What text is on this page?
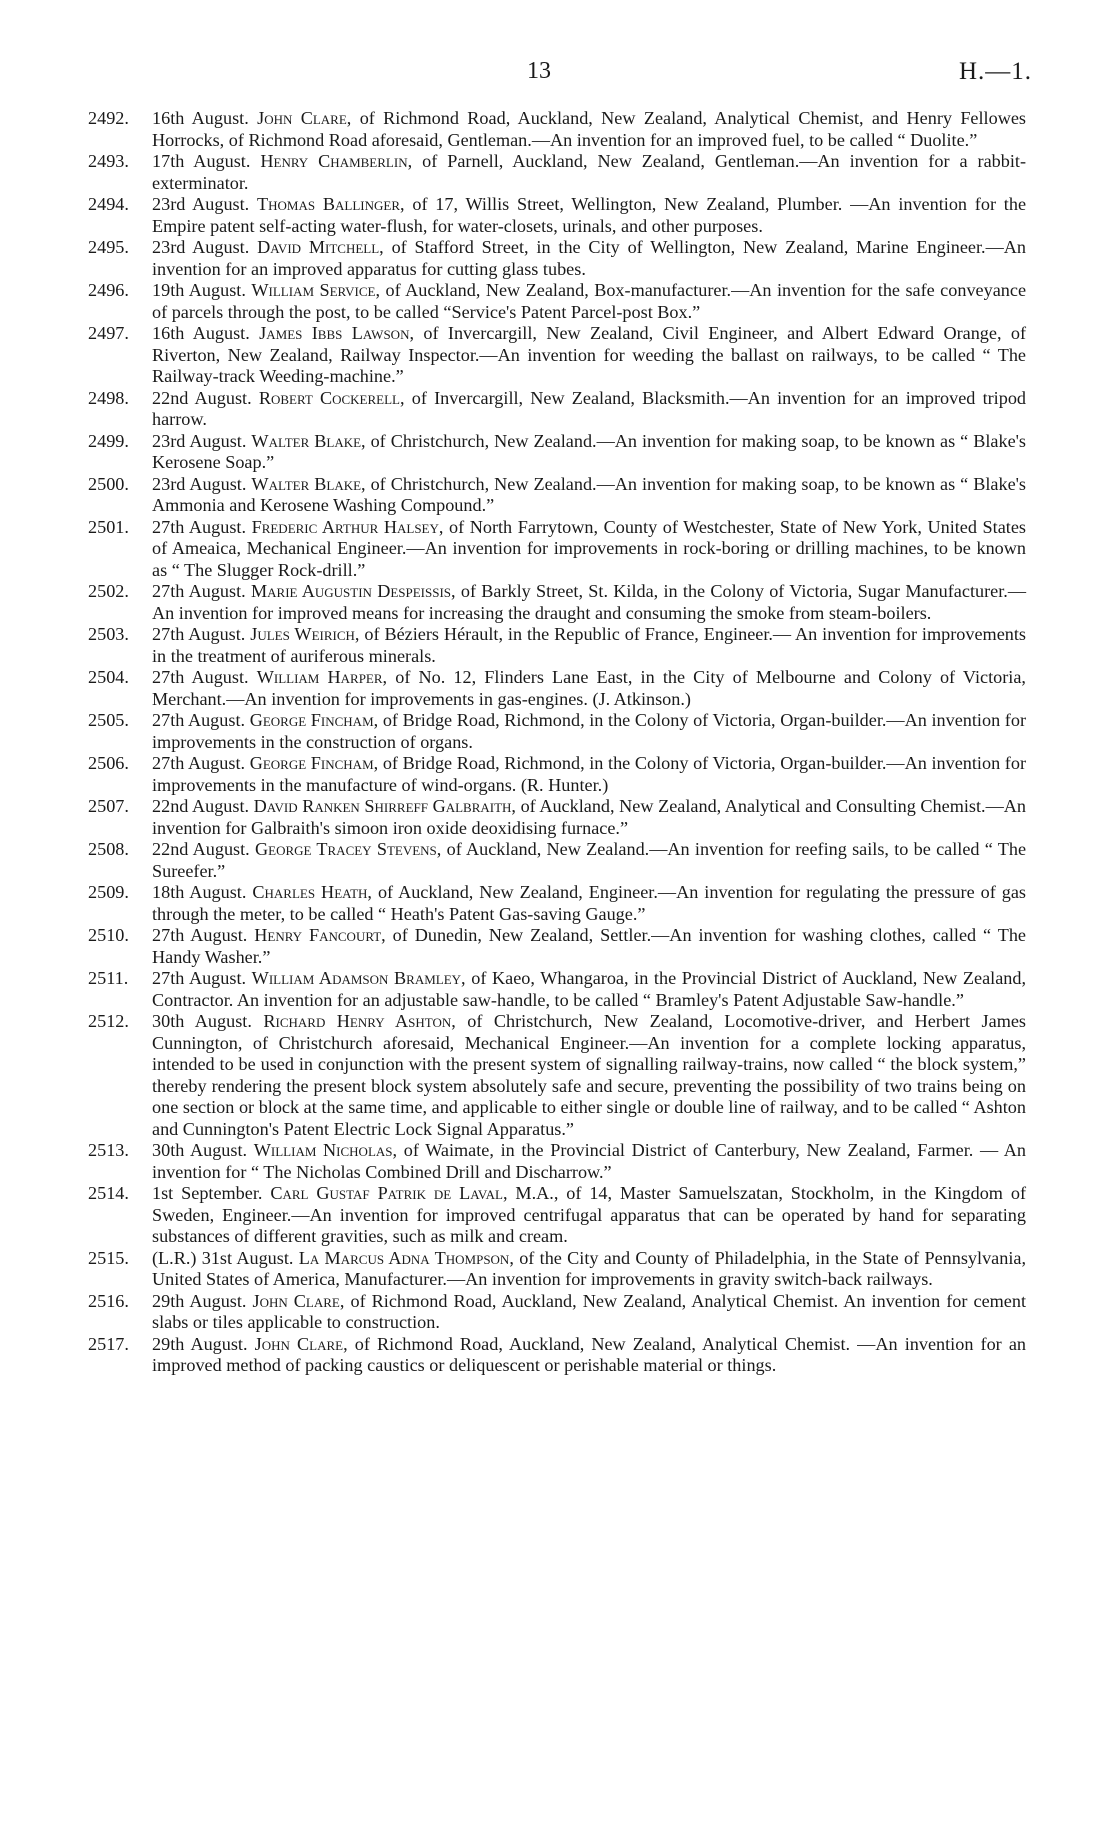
13	H.—1.
2492. 16th August. John Clare, of Richmond Road, Auckland, New Zealand, Analytical Chemist, and Henry Fellowes Horrocks, of Richmond Road aforesaid, Gentleman.—An invention for an improved fuel, to be called “ Duolite.”
2493. 17th August. Henry Chamberlin, of Parnell, Auckland, New Zealand, Gentleman.—An invention for a rabbit-exterminator.
2494. 23rd August. Thomas Ballinger, of 17, Willis Street, Wellington, New Zealand, Plumber. —An invention for the Empire patent self-acting water-flush, for water-closets, urinals, and other purposes.
2495. 23rd August. David Mitchell, of Stafford Street, in the City of Wellington, New Zealand, Marine Engineer.—An invention for an improved apparatus for cutting glass tubes.
2496. 19th August. William Service, of Auckland, New Zealand, Box-manufacturer.—An invention for the safe conveyance of parcels through the post, to be called “Service's Patent Parcel-post Box.”
2497. 16th August. James Ibbs Lawson, of Invercargill, New Zealand, Civil Engineer, and Albert Edward Orange, of Riverton, New Zealand, Railway Inspector.—An invention for weeding the ballast on railways, to be called “ The Railway-track Weeding-machine.”
2498. 22nd August. Robert Cockerell, of Invercargill, New Zealand, Blacksmith.—An invention for an improved tripod harrow.
2499. 23rd August. Walter Blake, of Christchurch, New Zealand.—An invention for making soap, to be known as “ Blake's Kerosene Soap.”
2500. 23rd August. Walter Blake, of Christchurch, New Zealand.—An invention for making soap, to be known as “ Blake's Ammonia and Kerosene Washing Compound.”
2501. 27th August. Frederic Arthur Halsey, of North Farrytown, County of Westchester, State of New York, United States of Ameaica, Mechanical Engineer.—An invention for improvements in rock-boring or drilling machines, to be known as “ The Slugger Rock-drill.”
2502. 27th August. Marie Augustin Despeissis, of Barkly Street, St. Kilda, in the Colony of Victoria, Sugar Manufacturer.—An invention for improved means for increasing the draught and consuming the smoke from steam-boilers.
2503. 27th August. Jules Weirich, of Béziers Hérault, in the Republic of France, Engineer.— An invention for improvements in the treatment of auriferous minerals.
2504. 27th August. William Harper, of No. 12, Flinders Lane East, in the City of Melbourne and Colony of Victoria, Merchant.—An invention for improvements in gas-engines. (J. Atkinson.)
2505. 27th August. George Fincham, of Bridge Road, Richmond, in the Colony of Victoria, Organ-builder.—An invention for improvements in the construction of organs.
2506. 27th August. George Fincham, of Bridge Road, Richmond, in the Colony of Victoria, Organ-builder.—An invention for improvements in the manufacture of wind-organs. (R. Hunter.)
2507. 22nd August. David Ranken Shirreff Galbraith, of Auckland, New Zealand, Analytical and Consulting Chemist.—An invention for Galbraith's simoon iron oxide deoxidising furnace.”
2508. 22nd August. George Tracey Stevens, of Auckland, New Zealand.—An invention for reefing sails, to be called “ The Sureefer.”
2509. 18th August. Charles Heath, of Auckland, New Zealand, Engineer.—An invention for regulating the pressure of gas through the meter, to be called “ Heath's Patent Gas-saving Gauge.”
2510. 27th August. Henry Fancourt, of Dunedin, New Zealand, Settler.—An invention for washing clothes, called “ The Handy Washer.”
2511. 27th August. William Adamson Bramley, of Kaeo, Whangaroa, in the Provincial District of Auckland, New Zealand, Contractor. An invention for an adjustable saw-handle, to be called “ Bramley's Patent Adjustable Saw-handle.”
2512. 30th August. Richard Henry Ashton, of Christchurch, New Zealand, Locomotive-driver, and Herbert James Cunnington, of Christchurch aforesaid, Mechanical Engineer.—An invention for a complete locking apparatus, intended to be used in conjunction with the present system of signalling railway-trains, now called “ the block system,” thereby rendering the present block system absolutely safe and secure, preventing the possibility of two trains being on one section or block at the same time, and applicable to either single or double line of railway, and to be called “ Ashton and Cunnington's Patent Electric Lock Signal Apparatus.”
2513. 30th August. William Nicholas, of Waimate, in the Provincial District of Canterbury, New Zealand, Farmer. — An invention for “ The Nicholas Combined Drill and Discharrow.”
2514. 1st September. Carl Gustaf Patrik de Laval, M.A., of 14, Master Samuelszatan, Stockholm, in the Kingdom of Sweden, Engineer.—An invention for improved centrifugal apparatus that can be operated by hand for separating substances of different gravities, such as milk and cream.
2515. (L.R.) 31st August. La Marcus Adna Thompson, of the City and County of Philadelphia, in the State of Pennsylvania, United States of America, Manufacturer.—An invention for improvements in gravity switch-back railways.
2516. 29th August. John Clare, of Richmond Road, Auckland, New Zealand, Analytical Chemist. An invention for cement slabs or tiles applicable to construction.
2517. 29th August. John Clare, of Richmond Road, Auckland, New Zealand, Analytical Chemist. —An invention for an improved method of packing caustics or deliquescent or perishable material or things.
